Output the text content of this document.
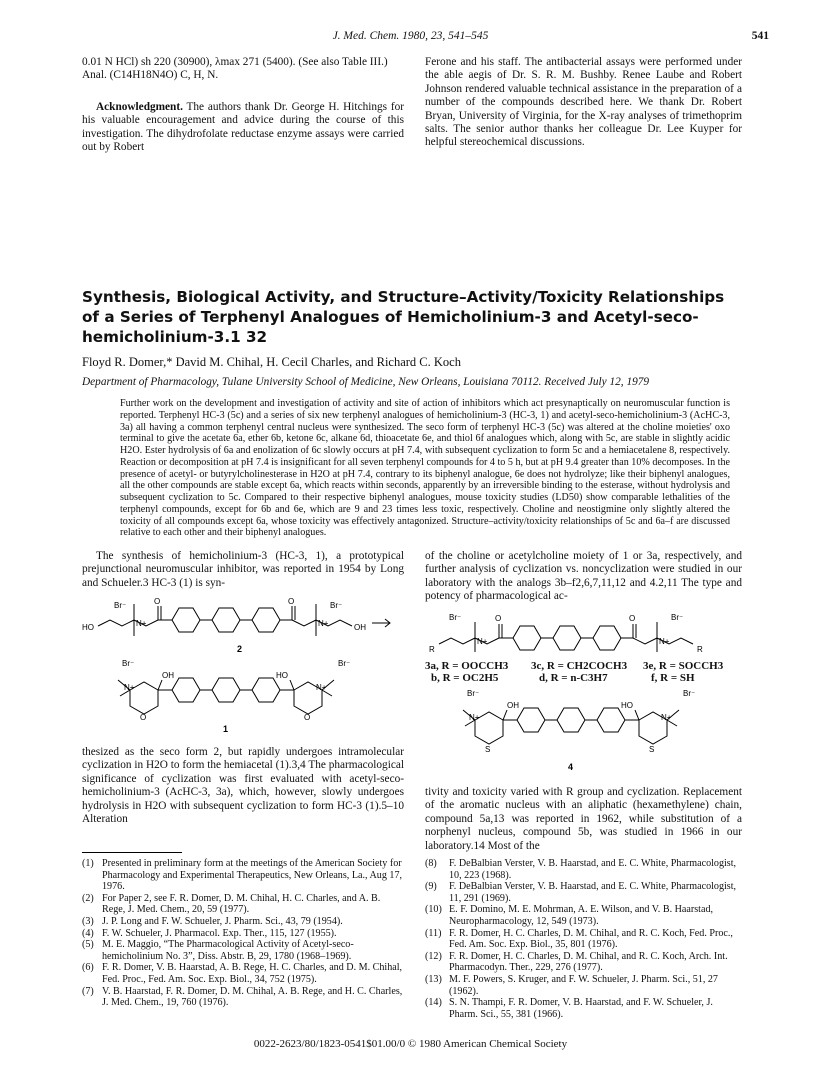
J. Med. Chem. 1980, 23, 541–545	541

0.01 N HCl) sh 220 (30900), λmax 271 (5400). (See also Table III.)

Anal. (C14H18N4O) C, H, N.

Acknowledgment. The authors thank Dr. George H. Hitchings for his valuable encouragement and advice during the course of this investigation. The dihydrofolate reductase enzyme assays were carried out by Robert

Ferone and his staff. The antibacterial assays were performed under the able aegis of Dr. S. R. M. Bushby. Renee Laube and Robert Johnson rendered valuable technical assistance in the preparation of a number of the compounds described here. We thank Dr. Robert Bryan, University of Virginia, for the X-ray analyses of trimethoprim salts. The senior author thanks her colleague Dr. Lee Kuyper for helpful stereochemical discussions.
Synthesis, Biological Activity, and Structure–Activity/Toxicity Relationships of a Series of Terphenyl Analogues of Hemicholinium-3 and Acetyl-seco-hemicholinium-3.1 32
Floyd R. Domer,* David M. Chihal, H. Cecil Charles, and Richard C. Koch
Department of Pharmacology, Tulane University School of Medicine, New Orleans, Louisiana 70112. Received July 12, 1979
Further work on the development and investigation of activity and site of action of inhibitors which act presynaptically on neuromuscular function is reported. Terphenyl HC-3 (5c) and a series of six new terphenyl analogues of hemicholinium-3 (HC-3, 1) and acetyl-seco-hemicholinium-3 (AcHC-3, 3a) all having a common terphenyl central nucleus were synthesized. The seco form of terphenyl HC-3 (5c) was altered at the choline moieties' oxo terminal to give the acetate 6a, ether 6b, ketone 6c, alkane 6d, thioacetate 6e, and thiol 6f analogues which, along with 5c, are stable in slightly acidic H2O. Ester hydrolysis of 6a and enolization of 6c slowly occurs at pH 7.4, with subsequent cyclization to form 5c and a hemiacetalene 8, respectively. Reaction or decomposition at pH 7.4 is insignificant for all seven terphenyl compounds for 4 to 5 h, but at pH 9.4 greater than 10% decomposes. In the presence of acetyl- or butyrylcholinesterase in H2O at pH 7.4, contrary to its biphenyl analogue, 6e does not hydrolyze; like their biphenyl analogues, all the other compounds are stable except 6a, which reacts within seconds, apparently by an irreversible binding to the esterase, without hydrolysis and subsequent cyclization to 5c. Compared to their respective biphenyl analogues, mouse toxicity studies (LD50) show comparable lethalities of the terphenyl compounds, except for 6b and 6e, which are 9 and 23 times less toxic, respectively. Choline and neostigmine only slightly altered the toxicity of all compounds except 6a, whose toxicity was effectively antagonized. Structure–activity/toxicity relationships of 5c and 6a–f are discussed relative to each other and their biphenyl analogues.
The synthesis of hemicholinium-3 (HC-3, 1), a prototypical prejunctional neuromuscular inhibitor, was reported in 1954 by Long and Schueler.3 HC-3 (1) is syn-
HO
Br⁻
N+
O	O
N+
Br⁻
OH
2
Br⁻
N+
OH
O
HO
N+
Br⁻
O
1
thesized as the seco form 2, but rapidly undergoes intramolecular cyclization in H2O to form the hemiacetal (1).3,4 The pharmacological significance of cyclization was first evaluated with acetyl-seco-hemicholinium-3 (AcHC-3, 3a), which, however, slowly undergoes hydrolysis in H2O with subsequent cyclization to form HC-3 (1).5–10 Alteration
of the choline or acetylcholine moiety of 1 or 3a, respectively, and further analysis of cyclization vs. noncyclization were studied in our laboratory with the analogs 3b–f2,6,7,11,12 and 4.2,11 The type and potency of pharmacological ac-
R
Br⁻
N+
O	O
N+
Br⁻
R
3a, R = OOCCH3	3c, R = CH2COCH3	3e, R = SOCCH3
b, R = OC2H5	d, R = n-C3H7	f, R = SH
Br⁻
N+
OH
S
HO
N+
Br⁻
S
4
tivity and toxicity varied with R group and cyclization. Replacement of the aromatic nucleus with an aliphatic (hexamethylene) chain, compound 5a,13 was reported in 1962, while substitution of a norphenyl nucleus, compound 5b, was studied in 1966 in our laboratory.14 Most of the
(1) Presented in preliminary form at the meetings of the American Society for Pharmacology and Experimental Therapeutics, New Orleans, La., Aug 17, 1976.
(2) For Paper 2, see F. R. Domer, D. M. Chihal, H. C. Charles, and A. B. Rege, J. Med. Chem., 20, 59 (1977).
(3) J. P. Long and F. W. Schueler, J. Pharm. Sci., 43, 79 (1954).
(4) F. W. Schueler, J. Pharmacol. Exp. Ther., 115, 127 (1955).
(5) M. E. Maggio, “The Pharmacological Activity of Acetyl-seco-hemicholinium No. 3”, Diss. Abstr. B, 29, 1780 (1968–1969).
(6) F. R. Domer, V. B. Haarstad, A. B. Rege, H. C. Charles, and D. M. Chihal, Fed. Proc., Fed. Am. Soc. Exp. Biol., 34, 752 (1975).
(7) V. B. Haarstad, F. R. Domer, D. M. Chihal, A. B. Rege, and H. C. Charles, J. Med. Chem., 19, 760 (1976).
(8)	F. DeBalbian Verster, V. B. Haarstad, and E. C. White, Pharmacologist, 10, 223 (1968).
(9)	F. DeBalbian Verster, V. B. Haarstad, and E. C. White, Pharmacologist, 11, 291 (1969).
(10) E. F. Domino, M. E. Mohrman, A. E. Wilson, and V. B. Haarstad, Neuropharmacology, 12, 549 (1973).
(11) F. R. Domer, H. C. Charles, D. M. Chihal, and R. C. Koch, Fed. Proc., Fed. Am. Soc. Exp. Biol., 35, 801 (1976).
(12) F. R. Domer, H. C. Charles, D. M. Chihal, and R. C. Koch, Arch. Int. Pharmacodyn. Ther., 229, 276 (1977).
(13) M. F. Powers, S. Kruger, and F. W. Schueler, J. Pharm. Sci., 51, 27 (1962).
(14) S. N. Thampi, F. R. Domer, V. B. Haarstad, and F. W. Schueler, J. Pharm. Sci., 55, 381 (1966).
0022-2623/80/1823-0541$01.00/0 © 1980 American Chemical Society
